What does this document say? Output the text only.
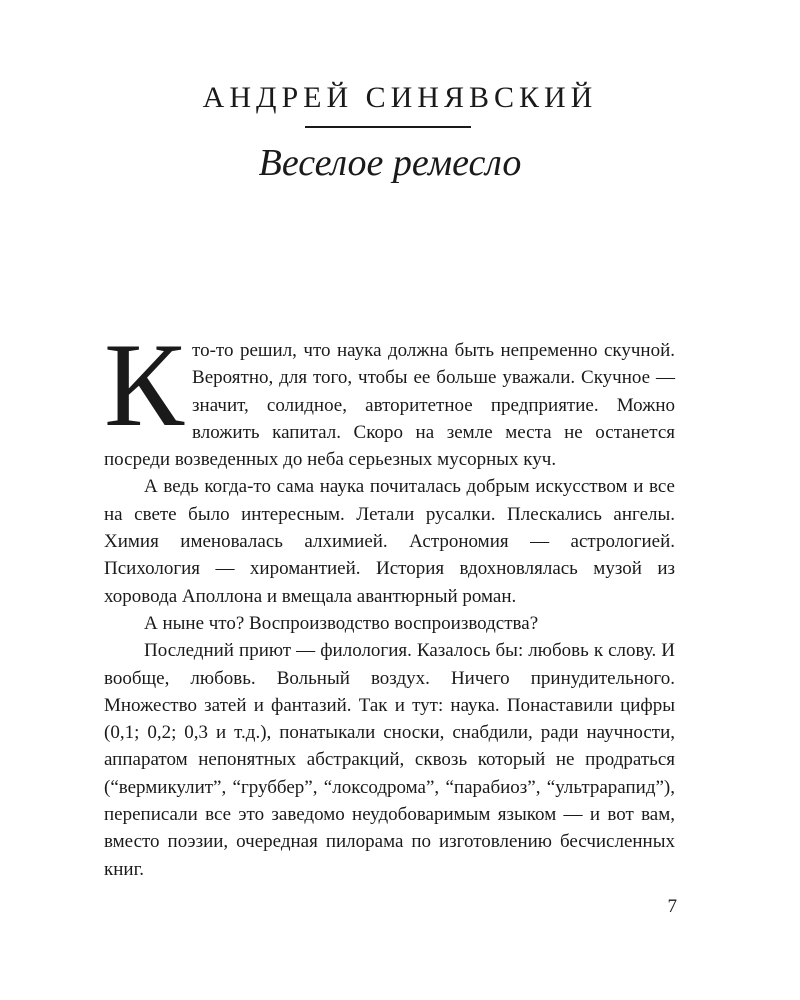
АНДРЕЙ СИНЯВСКИЙ
Веселое ремесло

Кто-то решил, что наука должна быть непременно скучной. Вероятно, для того, чтобы ее больше уважали. Скучное — значит, солидное, авторитетное предприятие. Можно вложить капитал. Скоро на земле места не останется посреди возведенных до неба серьезных мусорных куч.

А ведь когда-то сама наука почиталась добрым искусством и все на свете было интересным. Летали русалки. Плескались ангелы. Химия именовалась алхимией. Астрономия — астрологией. Психология — хиромантией. История вдохновлялась музой из хоровода Аполлона и вмещала авантюрный роман.

А ныне что? Воспроизводство воспроизводства?

Последний приют — филология. Казалось бы: любовь к слову. И вообще, любовь. Вольный воздух. Ничего принудительного. Множество затей и фантазий. Так и тут: наука. Понаставили цифры (0,1; 0,2; 0,3 и т.д.), понатыкали сноски, снабдили, ради научности, аппаратом непонятных абстракций, сквозь который не продраться (“вермикулит”, “груббер”, “локсодрома”, “парабиоз”, “ультрарапид”), переписали все это заведомо неудобоваримым языком — и вот вам, вместо поэзии, очередная пилорама по изготовлению бесчисленных книг.

7
